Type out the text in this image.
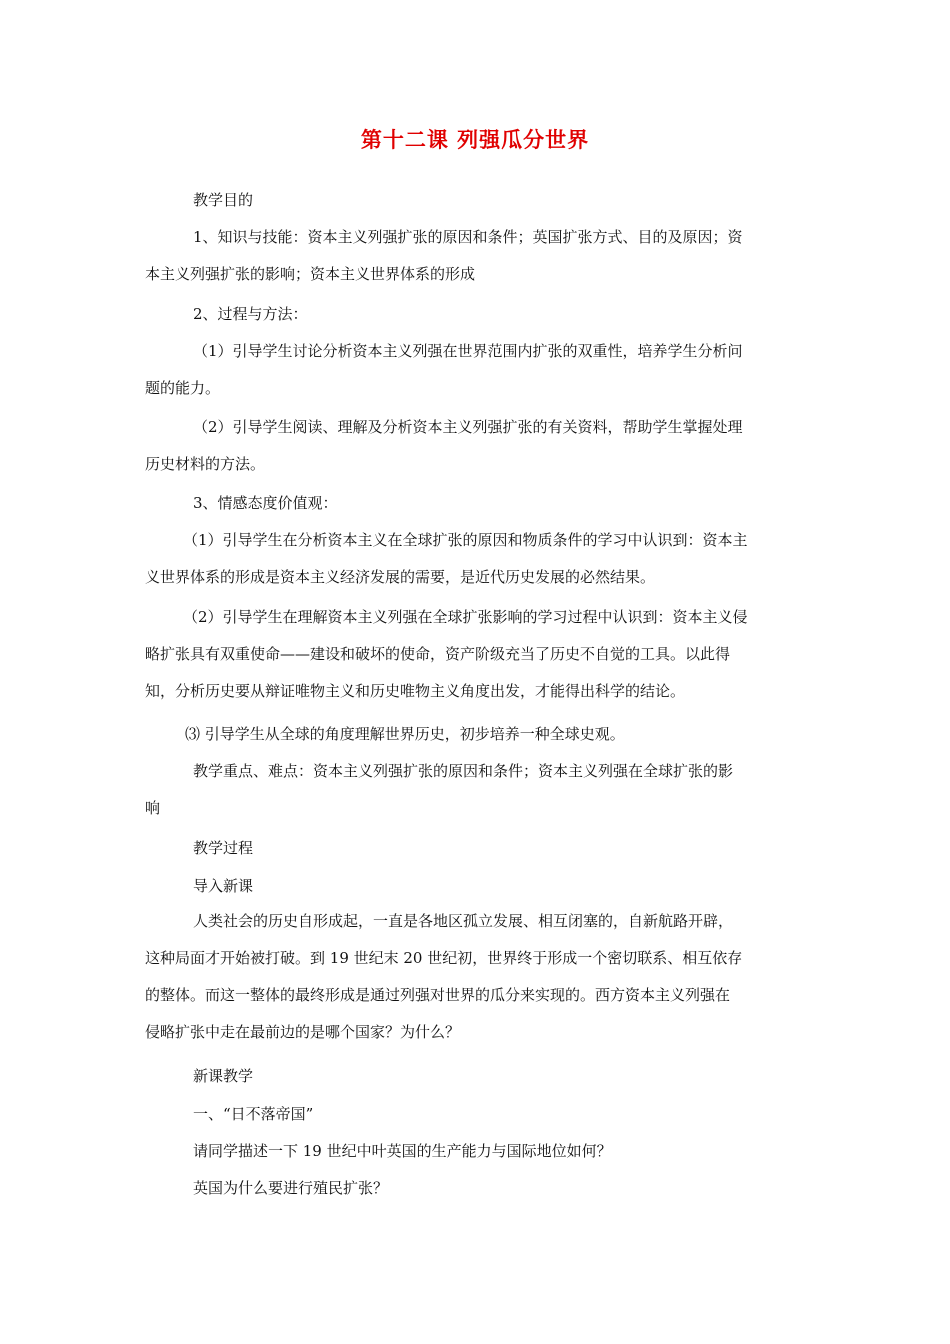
第十二课 列强瓜分世界
教学目的
1、知识与技能：资本主义列强扩张的原因和条件；英国扩张方式、目的及原因；资
本主义列强扩张的影响；资本主义世界体系的形成
2、过程与方法：
（1）引导学生讨论分析资本主义列强在世界范围内扩张的双重性，培养学生分析问
题的能力。
（2）引导学生阅读、理解及分析资本主义列强扩张的有关资料，帮助学生掌握处理
历史材料的方法。
3、情感态度价值观：
（1）引导学生在分析资本主义在全球扩张的原因和物质条件的学习中认识到：资本主
义世界体系的形成是资本主义经济发展的需要，是近代历史发展的必然结果。
（2）引导学生在理解资本主义列强在全球扩张影响的学习过程中认识到：资本主义侵
略扩张具有双重使命——建设和破坏的使命，资产阶级充当了历史不自觉的工具。以此得
知，分析历史要从辩证唯物主义和历史唯物主义角度出发，才能得出科学的结论。
⑶ 引导学生从全球的角度理解世界历史，初步培养一种全球史观。
教学重点、难点：资本主义列强扩张的原因和条件；资本主义列强在全球扩张的影
响
教学过程
导入新课
人类社会的历史自形成起，一直是各地区孤立发展、相互闭塞的，自新航路开辟，
这种局面才开始被打破。到 19 世纪末 20 世纪初，世界终于形成一个密切联系、相互依存
的整体。而这一整体的最终形成是通过列强对世界的瓜分来实现的。西方资本主义列强在
侵略扩张中走在最前边的是哪个国家？为什么？
新课教学
一、“日不落帝国”
请同学描述一下 19 世纪中叶英国的生产能力与国际地位如何？
英国为什么要进行殖民扩张？
